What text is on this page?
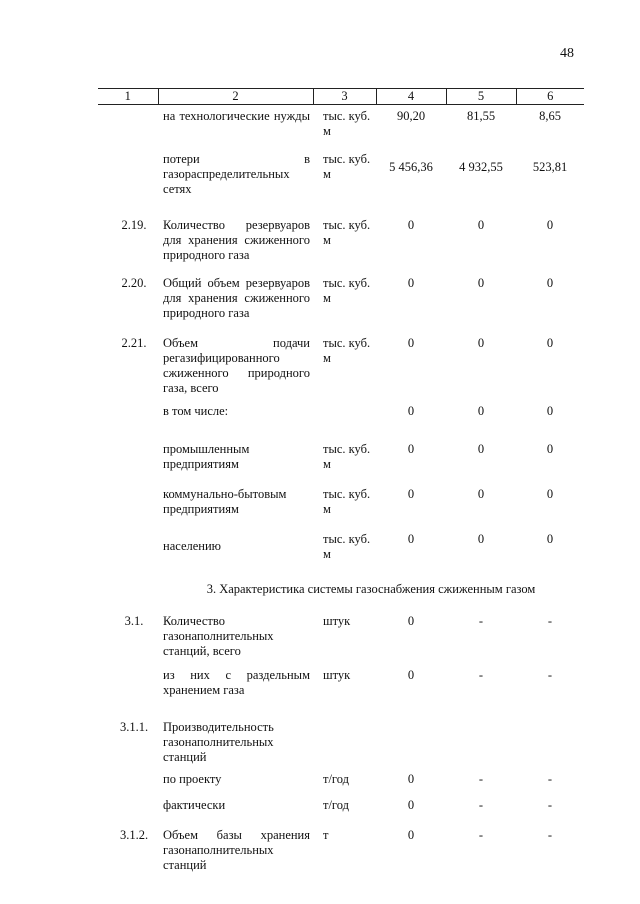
48
1	2	3	4	5	6
	на технологические нужды	тыс. куб. м	90,20	81,55	8,65
	потери в газораспределительных сетях	тыс. куб. м	5 456,36	4 932,55	523,81
2.19.	Количество резервуаров для хранения сжиженного природного газа	тыс. куб. м	0	0	0
2.20.	Общий объем резервуаров для хранения сжиженного природного газа	тыс. куб. м	0	0	0
2.21.	Объем подачи регазифицированного сжиженного природного газа, всего	тыс. куб. м	0	0	0
	в том числе:		0	0	0
	промышленным предприятиям	тыс. куб. м	0	0	0
	коммунально-бытовым предприятиям	тыс. куб. м	0	0	0
	населению	тыс. куб. м	0	0	0
3. Характеристика системы газоснабжения сжиженным газом					
3.1.	Количество газонаполнительных станций, всего	штук	0	-	-
	из них с раздельным хранением газа	штук	0	-	-
3.1.1.	Производительность газонаполнительных станций				
	по проекту	т/год	0	-	-
	фактически	т/год	0	-	-
3.1.2.	Объем базы хранения газонаполнительных станций	т	0	-	-
